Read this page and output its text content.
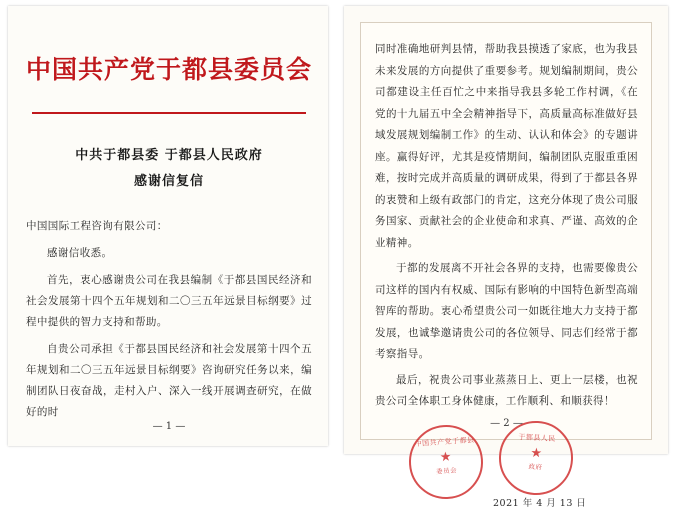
中国共产党于都县委员会
中共于都县委 于都县人民政府
感谢信复信

中国国际工程咨询有限公司：

感谢信收悉。

首先，衷心感谢贵公司在我县编制《于都县国民经济和社会发展第十四个五年规划和二〇三五年远景目标纲要》过程中提供的智力支持和帮助。

自贵公司承担《于都县国民经济和社会发展第十四个五年规划和二〇三五年远景目标纲要》咨询研究任务以来，编制团队日夜奋战，走村入户、深入一线开展调查研究，在做好的时

— 1 —

同时准确地研判县情，帮助我县摸透了家底，也为我县未来发展的方向提供了重要参考。规划编制期间，贵公司都建设主任百忙之中来指导我县多轮工作村调，《在党的十九届五中全会精神指导下，高质量高标准做好县域发展规划编制工作》的生动、认认和体会》的专题讲座。赢得好评，尤其是疫情期间，编制团队克服重重困难，按时完成并高质量的调研成果，得到了于都县各界的衷赞和上级有政部门的肯定，这充分体现了贵公司服务国家、贡献社会的企业使命和求真、严谨、高效的企业精神。

于都的发展离不开社会各界的支持，也需要像贵公司这样的国内有权威、国际有影响的中国特色新型高端智库的帮助。衷心希望贵公司一如既往地大力支持于都发展，也诚挚邀请贵公司的各位领导、同志们经常于都考察指导。

最后，祝贵公司事业蒸蒸日上、更上一层楼，也祝贵公司全体职工身体健康，工作顺利、和顺获得！

中国共产党于都县
★
委员会
于都县人民
★
政府
2021 年 4 月 13 日
— 2 —
